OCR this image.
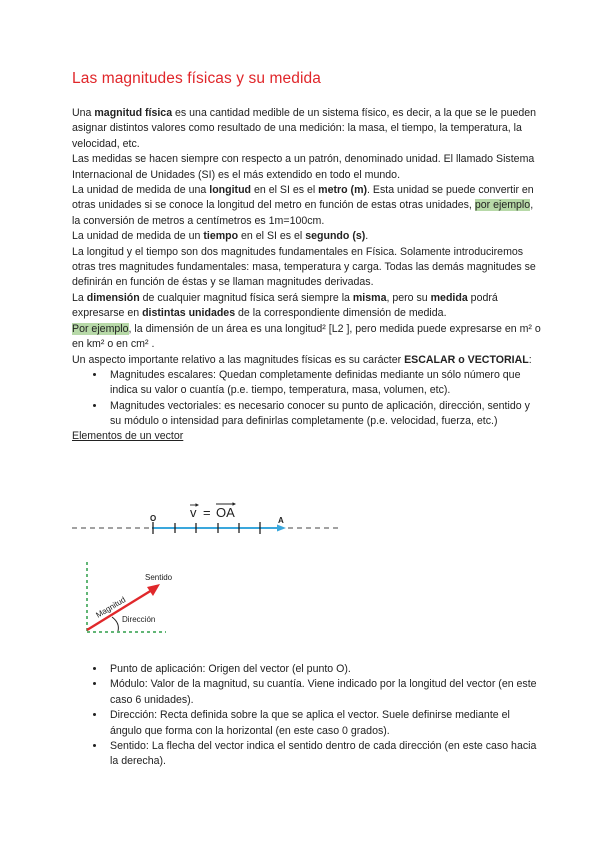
Las magnitudes físicas y su medida

Una magnitud física es una cantidad medible de un sistema físico, es decir, a la que se le pueden asignar distintos valores como resultado de una medición: la masa, el tiempo, la temperatura, la velocidad, etc.

Las medidas se hacen siempre con respecto a un patrón, denominado unidad. El llamado Sistema Internacional de Unidades (SI) es el más extendido en todo el mundo.

La unidad de medida de una longitud en el SI es el metro (m). Esta unidad se puede convertir en otras unidades si se conoce la longitud del metro en función de estas otras unidades, por ejemplo, la conversión de metros a centímetros es 1m=100cm.

La unidad de medida de un tiempo en el SI es el segundo (s).

La longitud y el tiempo son dos magnitudes fundamentales en Física. Solamente introduciremos otras tres magnitudes fundamentales: masa, temperatura y carga. Todas las demás magnitudes se definirán en función de éstas y se llaman magnitudes derivadas.

La dimensión de cualquier magnitud física será siempre la misma, pero su medida podrá expresarse en distintas unidades de la correspondiente dimensión de medida.

Por ejemplo, la dimensión de un área es una longitud² [L2 ], pero medida puede expresarse en m² o en km² o en cm² .

Un aspecto importante relativo a las magnitudes físicas es su carácter ESCALAR o VECTORIAL:

• Magnitudes escalares: Quedan completamente definidas mediante un sólo número que indica su valor o cuantía (p.e. tiempo, temperatura, masa, volumen, etc).
• Magnitudes vectoriales: es necesario conocer su punto de aplicación, dirección, sentido y su módulo o intensidad para definirlas completamente (p.e. velocidad, fuerza, etc.)

Elementos de un vector

O	A
v = OA
Sentido
Magnitud
Dirección
• Punto de aplicación: Origen del vector (el punto O).
• Módulo: Valor de la magnitud, su cuantía. Viene indicado por la longitud del vector (en este caso 6 unidades).
• Dirección: Recta definida sobre la que se aplica el vector. Suele definirse mediante el ángulo que forma con la horizontal (en este caso 0 grados).
• Sentido: La flecha del vector indica el sentido dentro de cada dirección (en este caso hacia la derecha).
